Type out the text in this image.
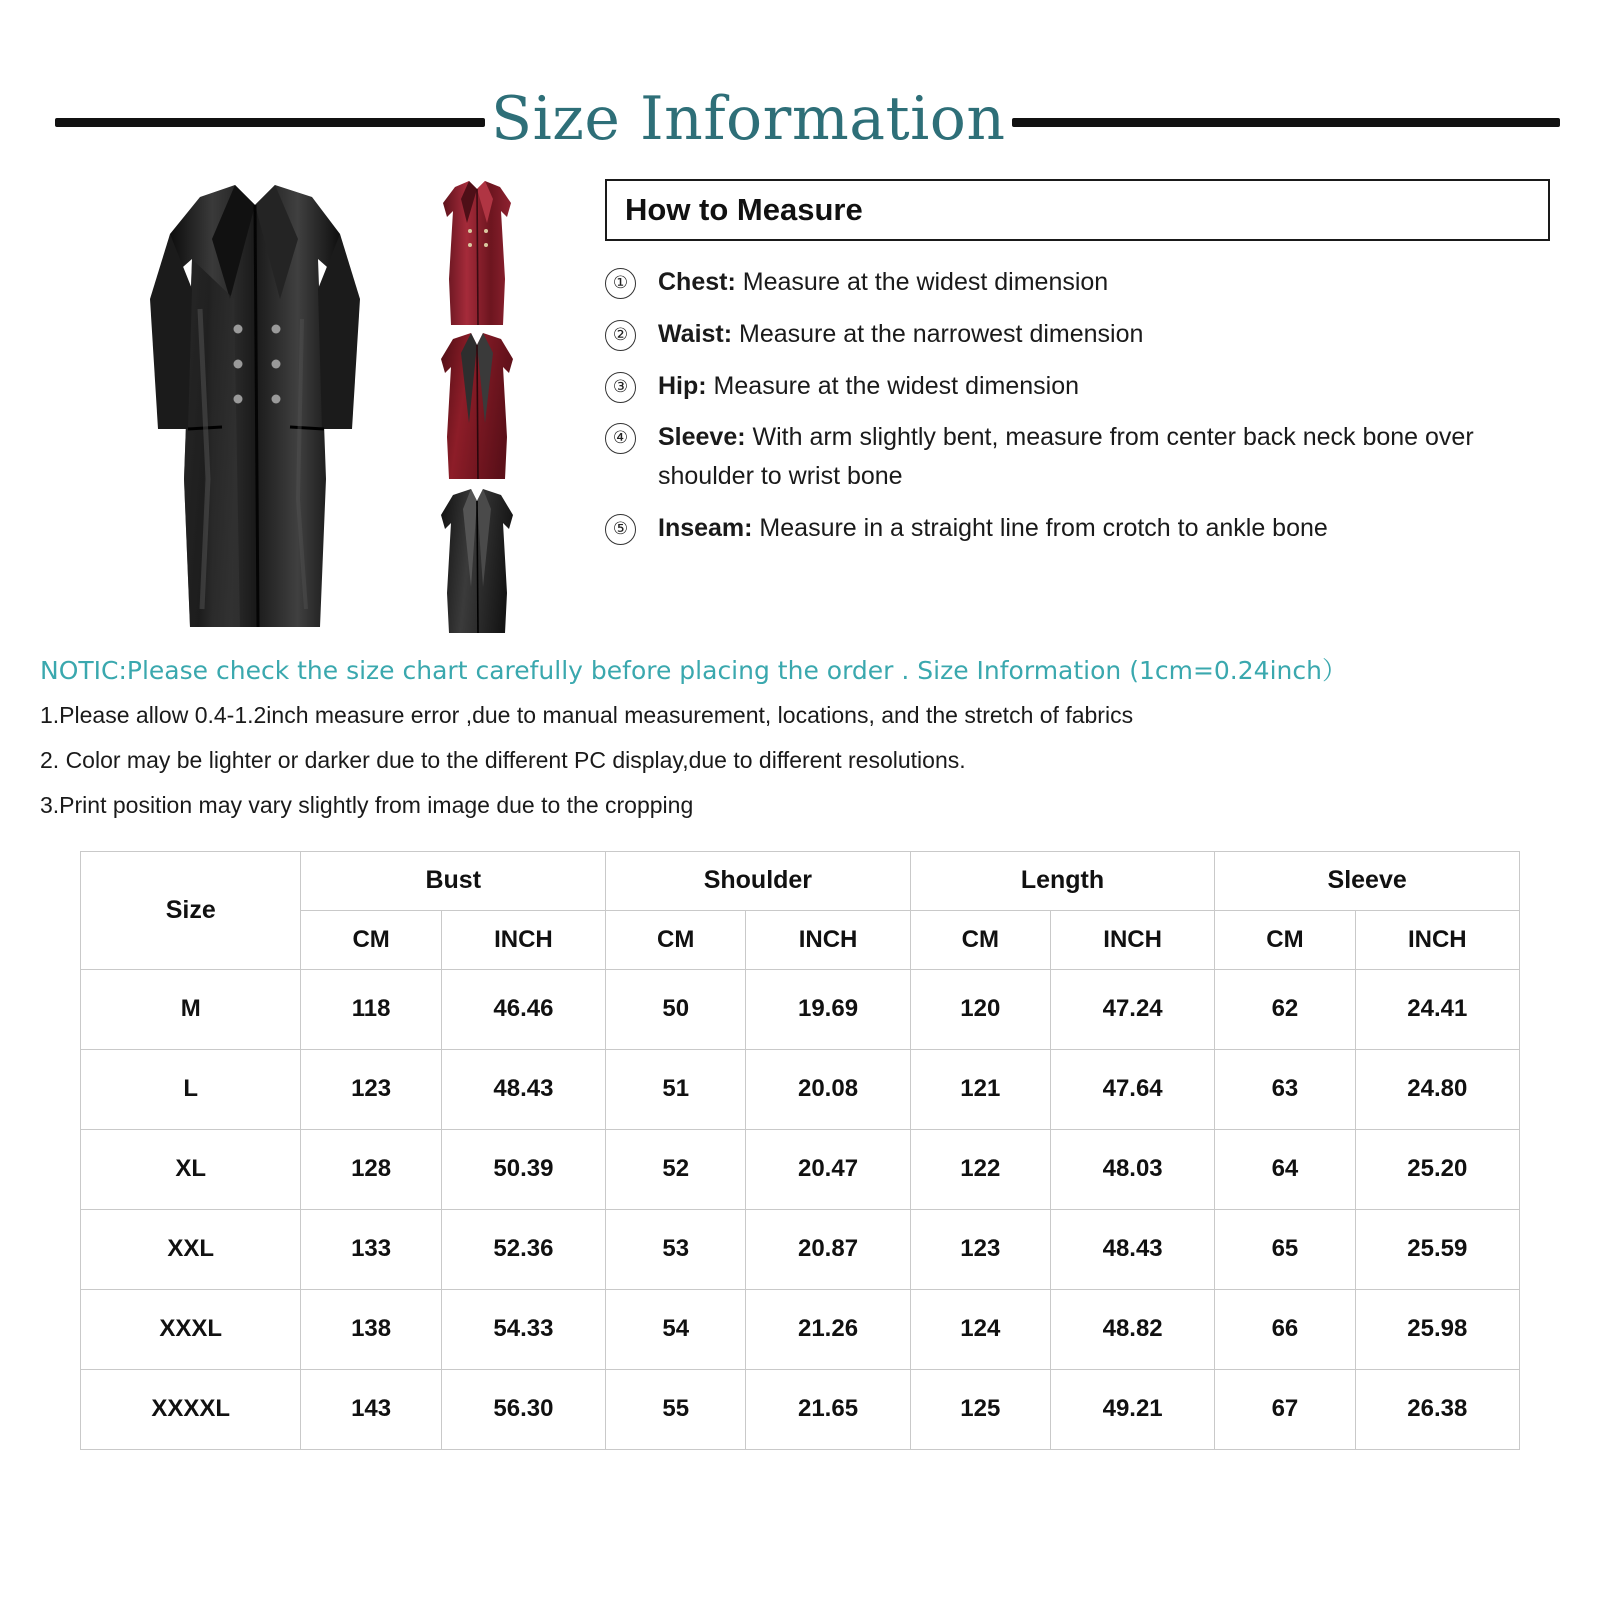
Size Information
How to Measure
①	Chest: Measure at the widest dimension
②	Waist: Measure at the narrowest dimension
③	Hip: Measure at the widest dimension
④	Sleeve: With arm slightly bent, measure from center back neck bone over shoulder to wrist bone
⑤	Inseam: Measure in a straight line from crotch to ankle bone
NOTIC:Please check the size chart carefully before placing the order . Size Information (1cm=0.24inch）
1.Please allow 0.4-1.2inch measure error ,due to manual measurement, locations, and the stretch of fabrics
2. Color may be lighter or darker due to the different PC display,due to different resolutions.
3.Print position may vary slightly from image due to the cropping
Size	Bust		Shoulder		Length		Sleeve	
	CM	INCH	CM	INCH	CM	INCH	CM	INCH
M	118	46.46	50	19.69	120	47.24	62	24.41
L	123	48.43	51	20.08	121	47.64	63	24.80
XL	128	50.39	52	20.47	122	48.03	64	25.20
XXL	133	52.36	53	20.87	123	48.43	65	25.59
XXXL	138	54.33	54	21.26	124	48.82	66	25.98
XXXXL	143	56.30	55	21.65	125	49.21	67	26.38
